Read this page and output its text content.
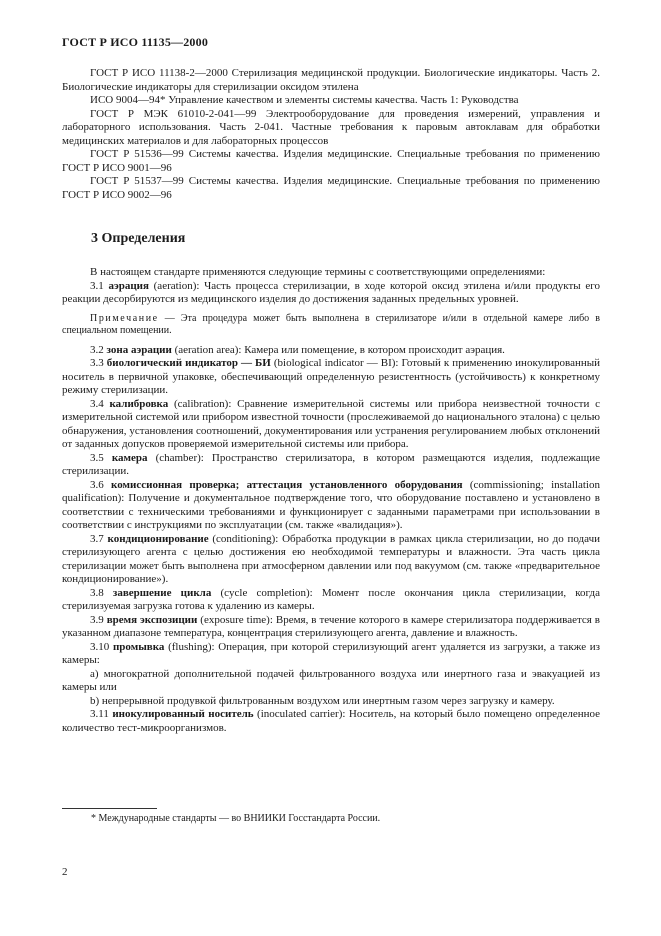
ГОСТ Р ИСО 11135—2000

ГОСТ Р ИСО 11138-2—2000 Стерилизация медицинской продукции. Биологические индикаторы. Часть 2. Биологические индикаторы для стерилизации оксидом этилена

ИСО 9004—94* Управление качеством и элементы системы качества. Часть 1: Руководства

ГОСТ Р МЭК 61010-2-041—99 Электрооборудование для проведения измерений, управления и лабораторного использования. Часть 2-041. Частные требования к паровым автоклавам для обработки медицинских материалов и для лабораторных процессов

ГОСТ Р 51536—99 Системы качества. Изделия медицинские. Специальные требования по применению ГОСТ Р ИСО 9001—96

ГОСТ Р 51537—99 Системы качества. Изделия медицинские. Специальные требования по применению ГОСТ Р ИСО 9002—96

3 Определения

В настоящем стандарте применяются следующие термины с соответствующими определениями:

3.1 аэрация (aeration): Часть процесса стерилизации, в ходе которой оксид этилена и/или продукты его реакции десорбируются из медицинского изделия до достижения заданных предельных уровней.

Примечание — Эта процедура может быть выполнена в стерилизаторе и/или в отдельной камере либо в специальном помещении.

3.2 зона аэрации (aeration area): Камера или помещение, в котором происходит аэрация.

3.3 биологический индикатор — БИ (biological indicator — BI): Готовый к применению инокулированный носитель в первичной упаковке, обеспечивающий определенную резистентность (устойчивость) к конкретному режиму стерилизации.

3.4 калибровка (calibration): Сравнение измерительной системы или прибора неизвестной точности с измерительной системой или прибором известной точности (прослеживаемой до национального эталона) с целью обнаружения, установления соотношений, документирования или устранения регулированием любых отклонений от заданных допусков проверяемой измерительной системы или прибора.

3.5 камера (chamber): Пространство стерилизатора, в котором размещаются изделия, подлежащие стерилизации.

3.6 комиссионная проверка; аттестация установленного оборудования (commissioning; installation qualification): Получение и документальное подтверждение того, что оборудование поставлено и установлено в соответствии с техническими требованиями и функционирует с заданными параметрами при использовании в соответствии с инструкциями по эксплуатации (см. также «валидация»).

3.7 кондиционирование (conditioning): Обработка продукции в рамках цикла стерилизации, но до подачи стерилизующего агента с целью достижения ею необходимой температуры и влажности. Эта часть цикла стерилизации может быть выполнена при атмосферном давлении или под вакуумом (см. также «предварительное кондиционирование»).

3.8 завершение цикла (cycle completion): Момент после окончания цикла стерилизации, когда стерилизуемая загрузка готова к удалению из камеры.

3.9 время экспозиции (exposure time): Время, в течение которого в камере стерилизатора поддерживается в указанном диапазоне температура, концентрация стерилизующего агента, давление и влажность.

3.10 промывка (flushing): Операция, при которой стерилизующий агент удаляется из загрузки, а также из камеры:

а) многократной дополнительной подачей фильтрованного воздуха или инертного газа и эвакуацией из камеры или

b) непрерывной продувкой фильтрованным воздухом или инертным газом через загрузку и камеру.

3.11 инокулированный носитель (inoculated carrier): Носитель, на который было помещено определенное количество тест-микроорганизмов.

* Международные стандарты — во ВНИИКИ Госстандарта России.
2
